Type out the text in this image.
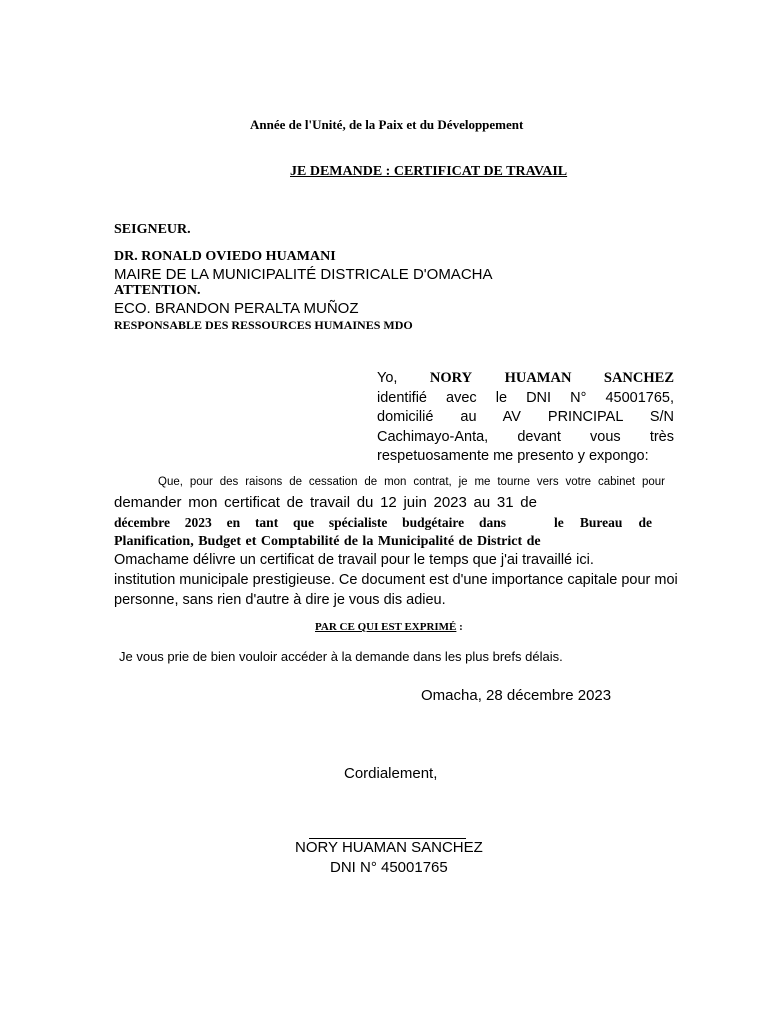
Année de l'Unité, de la Paix et du Développement
JE DEMANDE : CERTIFICAT DE TRAVAIL
SEIGNEUR.
DR. RONALD OVIEDO HUAMANI
MAIRE DE LA MUNICIPALITÉ DISTRICALE D'OMACHA
ATTENTION.
ECO. BRANDON PERALTA MUÑOZ
RESPONSABLE DES RESSOURCES HUMAINES MDO
Yo, NORY HUAMAN SANCHEZ
identifié avec le DNI N° 45001765,
domicilié au AV PRINCIPAL S/N
Cachimayo-Anta, devant vous très
respetuosamente me presento y expongo:
Que, pour des raisons de cessation de mon contrat, je me tourne vers votre cabinet pour
demander mon certificat de travail du 12 juin 2023 au 31 de
décembre 2023 en tant que spécialiste budgétaire dans	le Bureau de
Planification, Budget et Comptabilité de la Municipalité de District de
Omachame délivre un certificat de travail pour le temps que j'ai travaillé ici.
institution municipale prestigieuse. Ce document est d'une importance capitale pour moi
personne, sans rien d'autre à dire je vous dis adieu.
PAR CE QUI EST EXPRIMÉ :
Je vous prie de bien vouloir accéder à la demande dans les plus brefs délais.
Omacha, 28 décembre 2023
Cordialement,
NORY HUAMAN SANCHEZ
DNI N° 45001765
